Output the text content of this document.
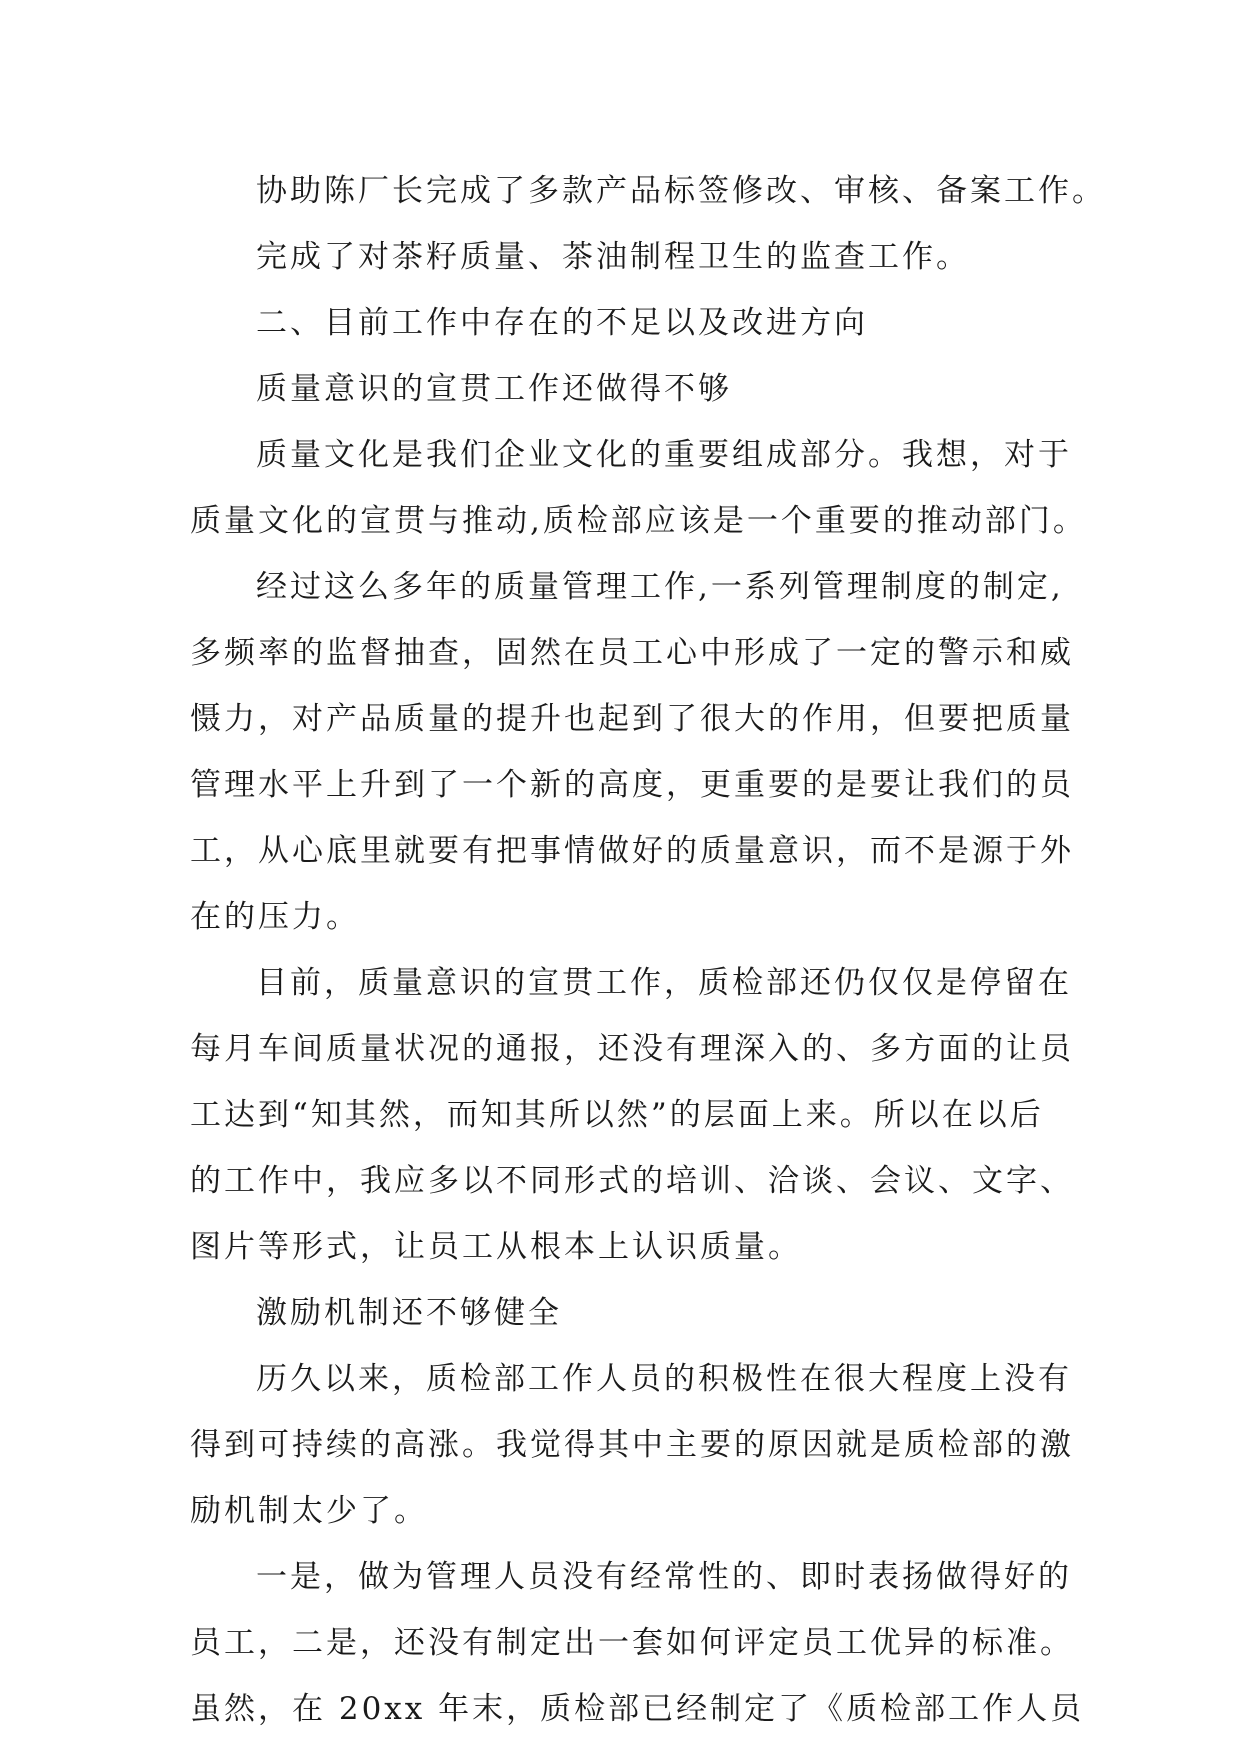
协助陈厂长完成了多款产品标签修改、审核、备案工作。
完成了对茶籽质量、茶油制程卫生的监查工作。
二、目前工作中存在的不足以及改进方向
质量意识的宣贯工作还做得不够
质量文化是我们企业文化的重要组成部分。我想，对于
质量文化的宣贯与推动,质检部应该是一个重要的推动部门。
经过这么多年的质量管理工作,一系列管理制度的制定,
多频率的监督抽查，固然在员工心中形成了一定的警示和威
慑力，对产品质量的提升也起到了很大的作用，但要把质量
管理水平上升到了一个新的高度，更重要的是要让我们的员
工，从心底里就要有把事情做好的质量意识，而不是源于外
在的压力。
目前，质量意识的宣贯工作，质检部还仍仅仅是停留在
每月车间质量状况的通报，还没有理深入的、多方面的让员
工达到“知其然，而知其所以然”的层面上来。所以在以后
的工作中，我应多以不同形式的培训、洽谈、会议、文字、
图片等形式，让员工从根本上认识质量。
激励机制还不够健全
历久以来，质检部工作人员的积极性在很大程度上没有
得到可持续的高涨。我觉得其中主要的原因就是质检部的激
励机制太少了。
一是，做为管理人员没有经常性的、即时表扬做得好的
员工，二是，还没有制定出一套如何评定员工优异的标准。
虽然，在 20xx 年末，质检部已经制定了《质检部工作人员
